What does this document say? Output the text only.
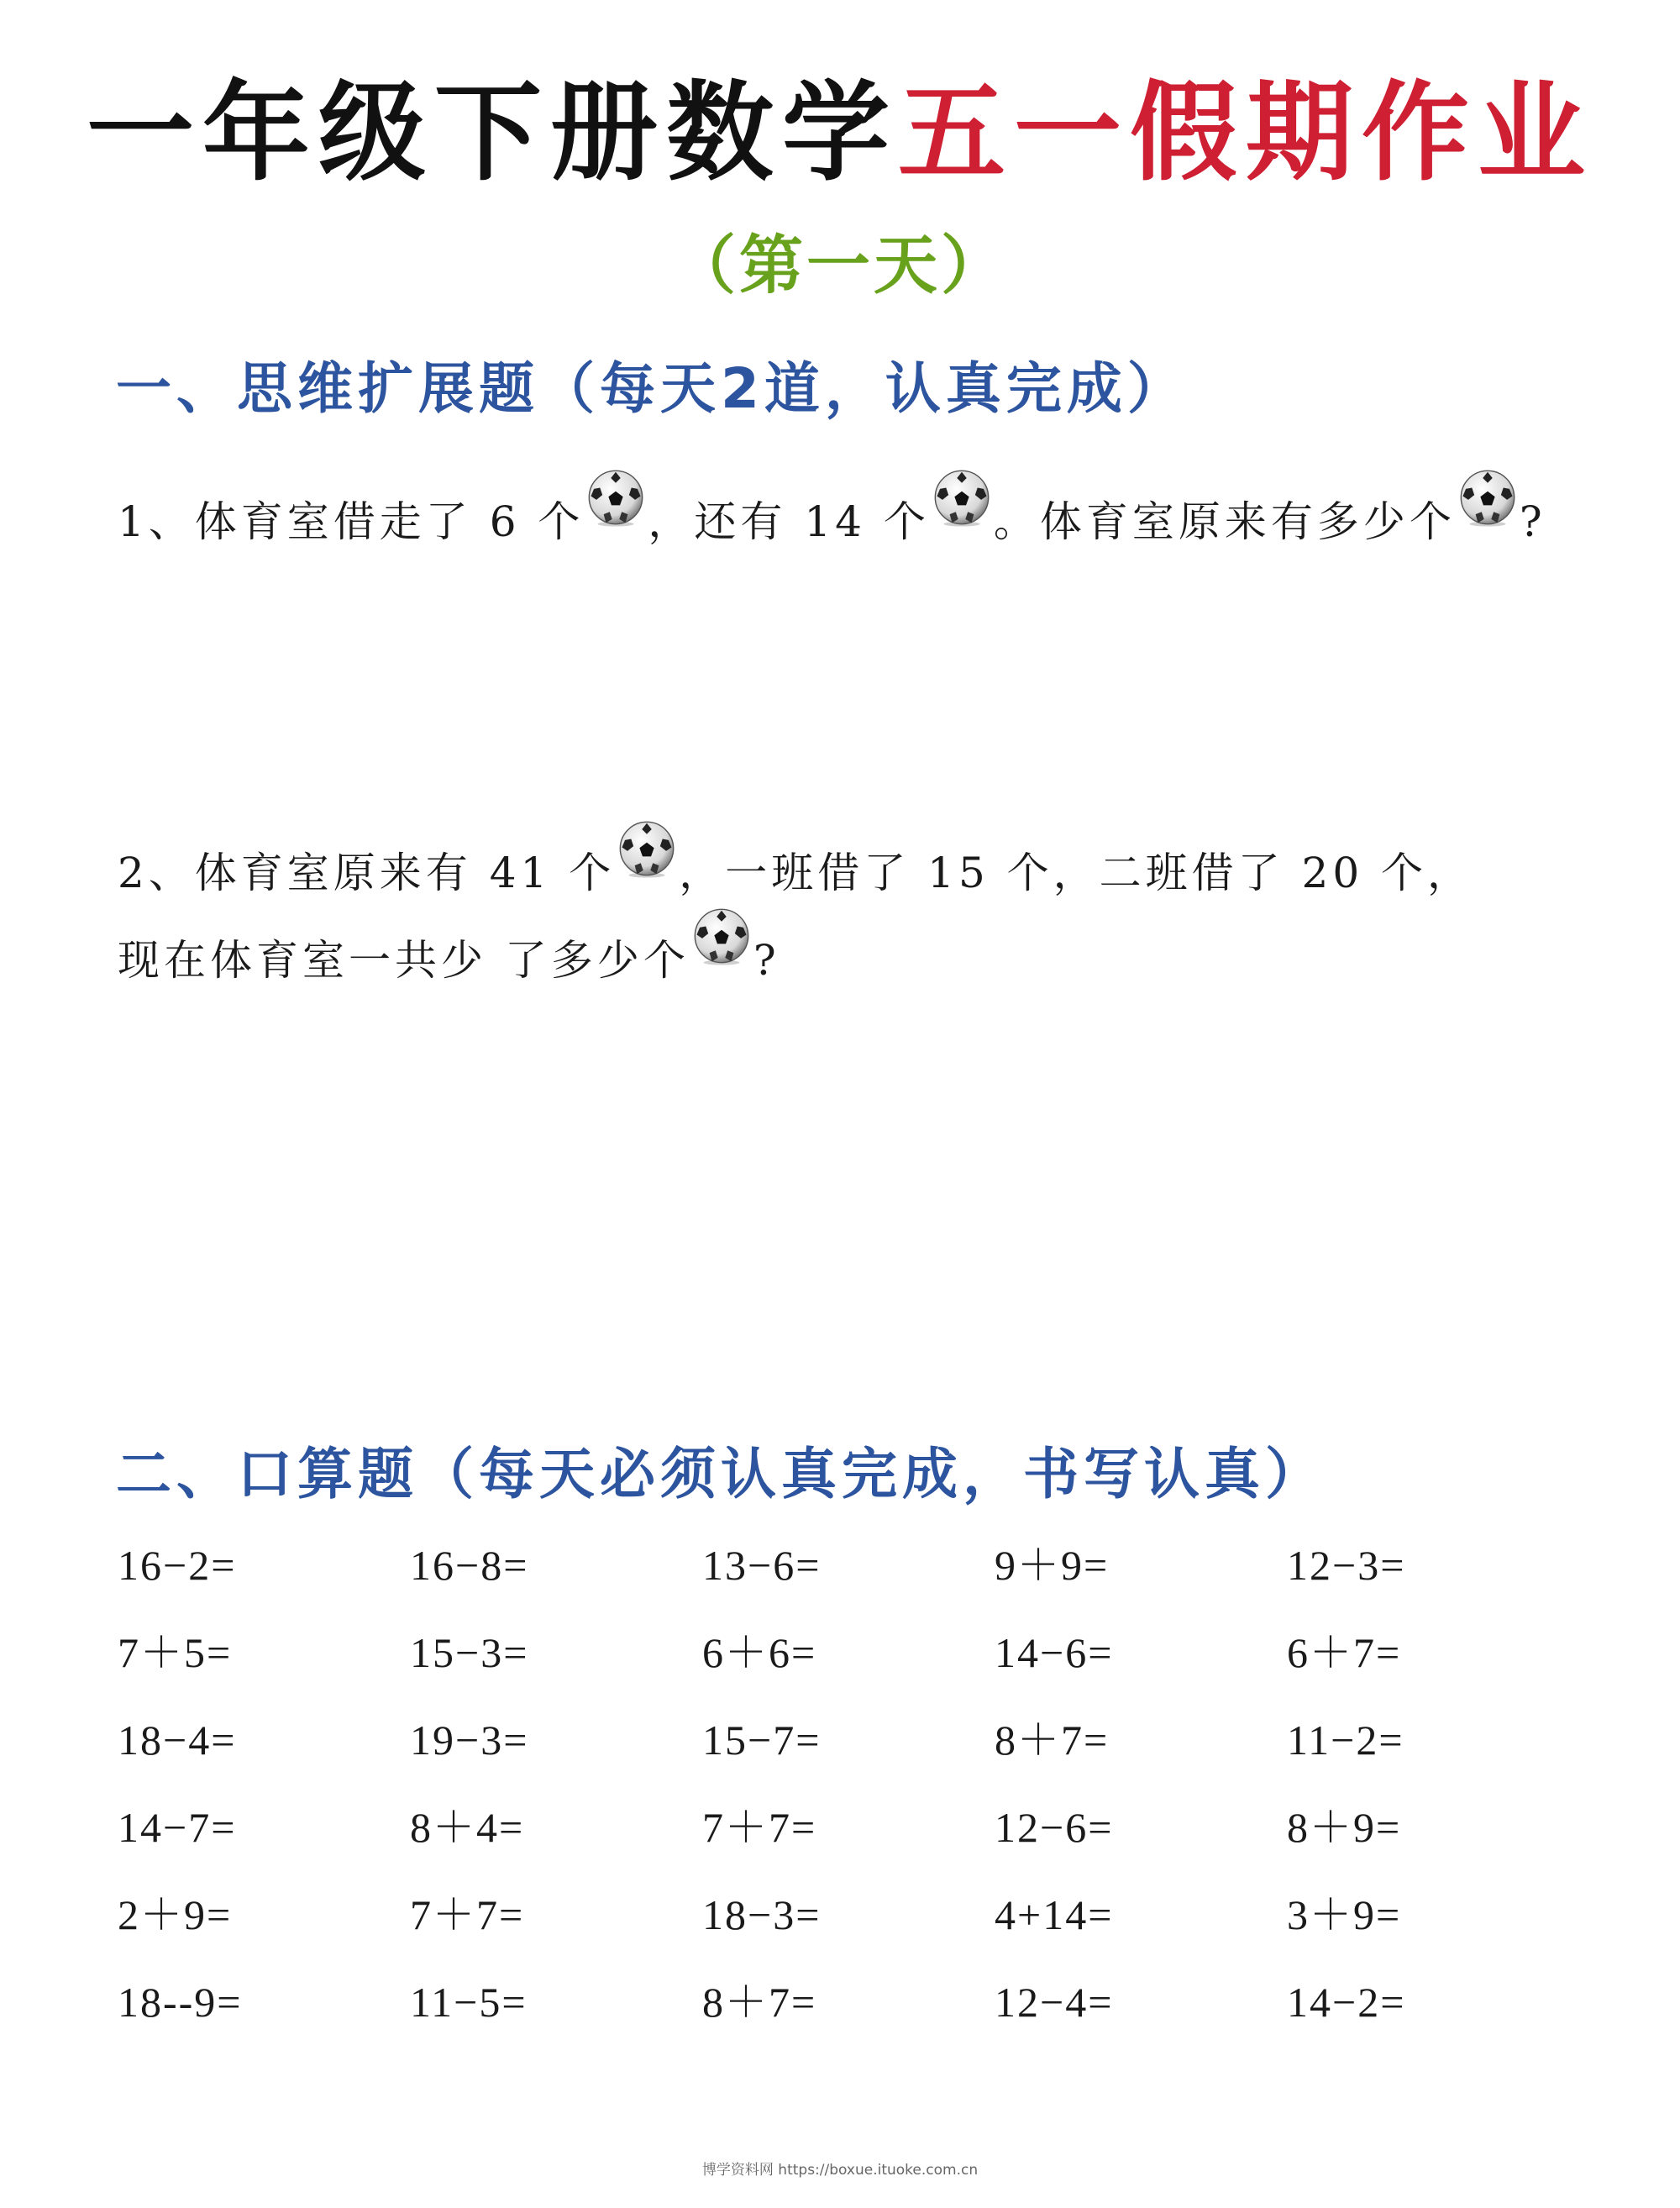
一年级下册数学五一假期作业
（第一天）
一、思维扩展题（每天2道，认真完成）
1、体育室借走了 6 个 ，还有 14 个 。体育室原来有多少个 ?
2、体育室原来有 41 个 ，一班借了 15 个，二班借了 20 个，
现在体育室一共少 了多少个 ?
二、口算题（每天必须认真完成，书写认真）
16−2=	16−8=	13−6=	9＋9=	12−3=
7＋5=	15−3=	6＋6=	14−6=	6＋7=
18−4=	19−3=	15−7=	8＋7=	11−2=
14−7=	8＋4=	7＋7=	12−6=	8＋9=
2＋9=	7＋7=	18−3=	4+14=	3＋9=
18--9=	11−5=	8＋7=	12−4=	14−2=
博学资料网 https://boxue.ituoke.com.cn
